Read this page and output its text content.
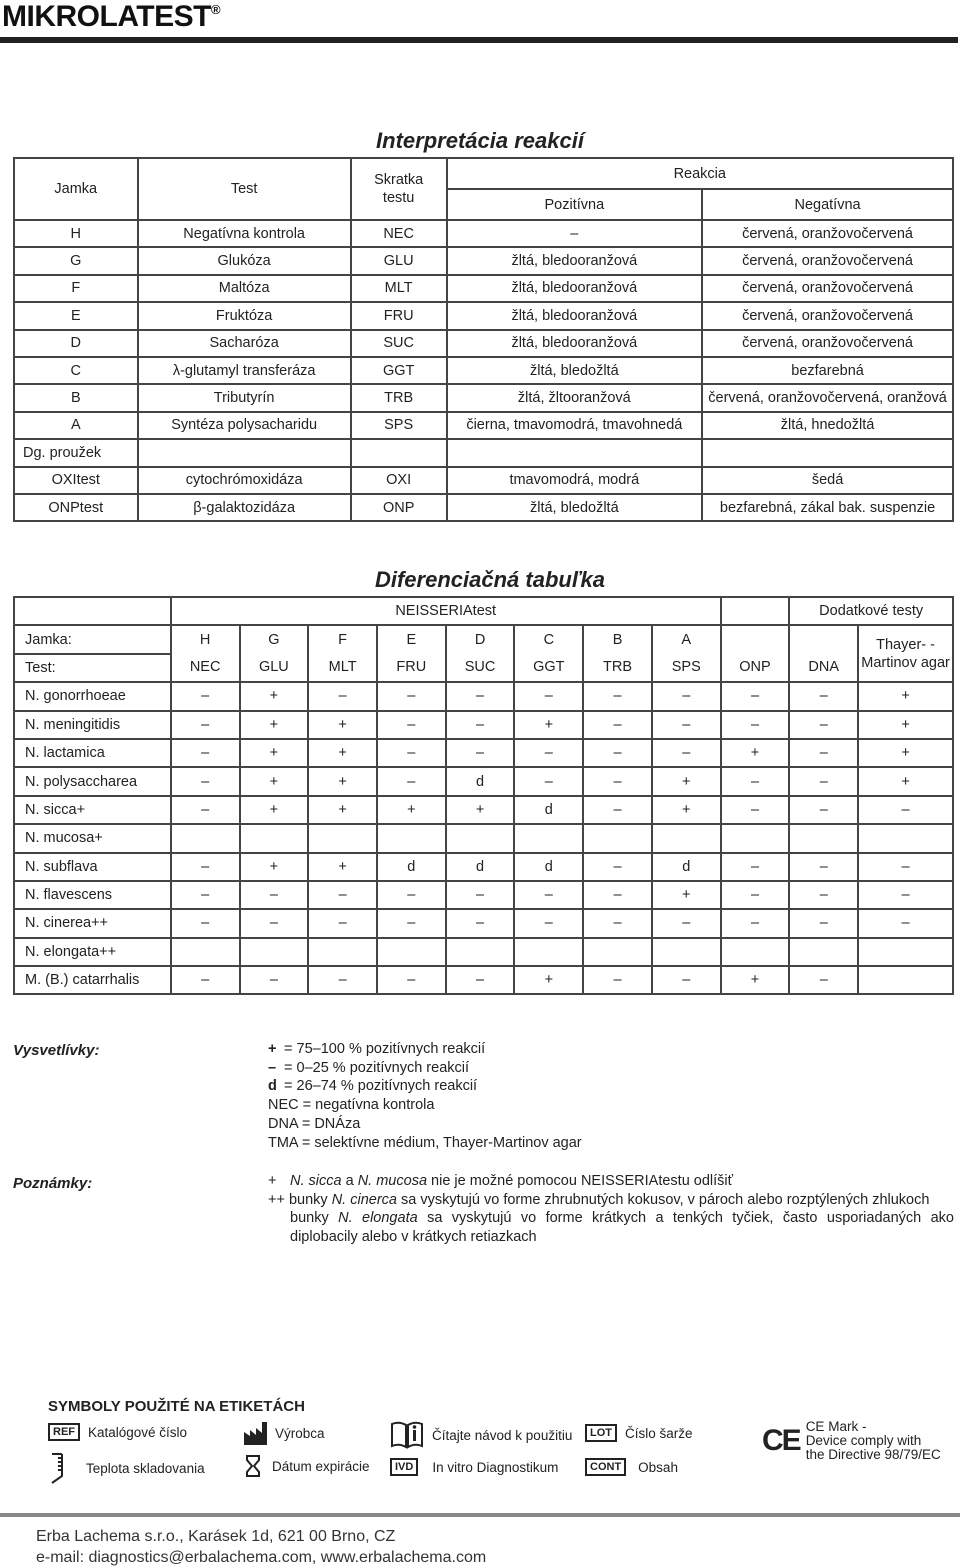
MIKROLATEST®
Interpretácia reakcií
Jamka	Test	Skratka testu	Reakcia	
			Pozitívna	Negatívna
H	Negatívna kontrola	NEC	–	červená, oranžovočervená
G	Glukóza	GLU	žltá, bledooranžová	červená, oranžovočervená
F	Maltóza	MLT	žltá, bledooranžová	červená, oranžovočervená
E	Fruktóza	FRU	žltá, bledooranžová	červená, oranžovočervená
D	Sacharóza	SUC	žltá, bledooranžová	červená, oranžovočervená
C	λ-glutamyl transferáza	GGT	žltá, bledožltá	bezfarebná
B	Tributyrín	TRB	žltá, žltooranžová	červená, oranžovočervená, oranžová
A	Syntéza polysacharidu	SPS	čierna, tmavomodrá, tmavohnedá	žltá, hnedožltá
Dg. proužek				
OXItest	cytochrómoxidáza	OXI	tmavomodrá, modrá	šedá
ONPtest	β-galaktozidáza	ONP	žltá, bledožltá	bezfarebná, zákal bak. suspenzie
Diferenciačná tabuľka
	NEISSERIAtest									Dodatkové testy	
Jamka:	H	G	F	E	D	C	B	A			Thayer- -Martinov agar
Test:	NEC	GLU	MLT	FRU	SUC	GGT	TRB	SPS	ONP	DNA	
N. gonorrhoeae	–	+	–	–	–	–	–	–	–	–	+
N. meningitidis	–	+	+	–	–	+	–	–	–	–	+
N. lactamica	–	+	+	–	–	–	–	–	+	–	+
N. polysaccharea	–	+	+	–	d	–	–	+	–	–	+
N. sicca+	–	+	+	+	+	d	–	+	–	–	–
N. mucosa+											
N. subflava	–	+	+	d	d	d	–	d	–	–	–
N. flavescens	–	–	–	–	–	–	–	+	–	–	–
N. cinerea++	–	–	–	–	–	–	–	–	–	–	–
N. elongata++											
M. (B.) catarrhalis	–	–	–	–	–	+	–	–	+	–	
Vysvetlívky:	+ = 75–100 % pozitívnych reakcií
– = 0–25 % pozitívnych reakcií
d = 26–74 % pozitívnych reakcií
NEC = negatívna kontrola
DNA = DNÁza
TMA = selektívne médium, Thayer-Martinov agar
Poznámky:	+ N. sicca a N. mucosa nie je možné pomocou NEISSERIAtestu odlíšiť
++ bunky N. cinerca sa vyskytujú vo forme zhrubnutých kokusov, v pároch alebo rozptýlených zhlukoch
bunky N. elongata sa vyskytujú vo forme krátkych a tenkých tyčiek, často usporiadaných ako diplobacily alebo v krátkych retiazkach
SYMBOLY POUŽITÉ NA ETIKETÁCH
REF Katalógové číslo	Výrobca	Čítajte návod k použitiu	LOT Číslo šarže CE CE Mark -
Device comply with
the Directive 98/79/EC
Teplota skladovania	Dátum expirácie	IVD	In vitro Diagnostikum	CONT	Obsah
Erba Lachema s.r.o., Karásek 1d, 621 00 Brno, CZ
e-mail: diagnostics@erbalachema.com, www.erbalachema.com
